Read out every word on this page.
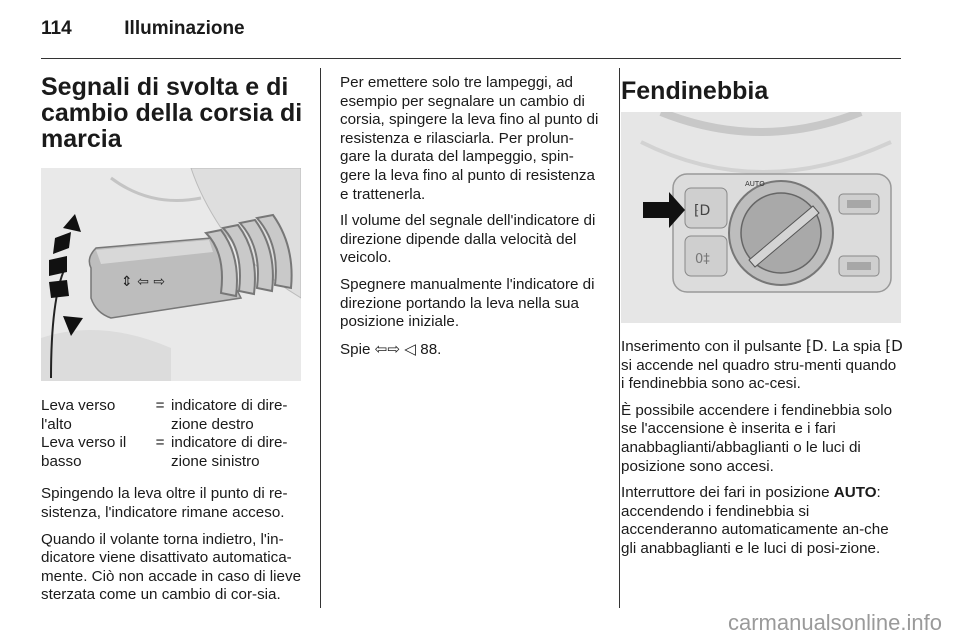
114	Illuminazione
Segnali di svolta e di cambio della corsia di marcia
⇕ ⇦ ⇨
Leva verso l'alto
= indicatore di dire-zione destro
Leva verso il basso
= indicatore di dire-zione sinistro

Spingendo la leva oltre il punto di re-sistenza, l'indicatore rimane acceso.

Quando il volante torna indietro, l'in-dicatore viene disattivato automatica-mente. Ciò non accade in caso di lieve sterzata come un cambio di cor-sia.

Per emettere solo tre lampeggi, ad esempio per segnalare un cambio di corsia, spingere la leva fino al punto di resistenza e rilasciarla. Per prolun-gare la durata del lampeggio, spin-gere la leva fino al punto di resistenza e trattenerla.

Il volume del segnale dell'indicatore di direzione dipende dalla velocità del veicolo.

Spegnere manualmente l'indicatore di direzione portando la leva nella sua posizione iniziale.

Spie ⇦⇨ ◁ 88.

Fendinebbia
⁅D
0‡
AUTO

Inserimento con il pulsante ⁅D. La spia ⁅D si accende nel quadro stru-menti quando i fendinebbia sono ac-cesi.

È possibile accendere i fendinebbia solo se l'accensione è inserita e i fari anabbaglianti/abbaglianti o le luci di posizione sono accesi.

Interruttore dei fari in posizione AUTO: accendendo i fendinebbia si accenderanno automaticamente an-che gli anabbaglianti e le luci di posi-zione.

carmanualsonline.info
